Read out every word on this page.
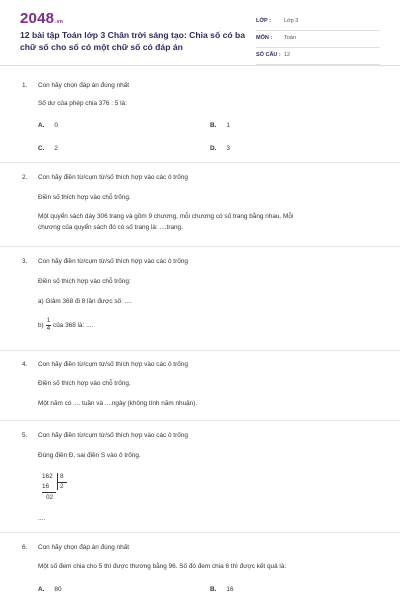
2048.vn
12 bài tập Toán lớp 3 Chân trời sáng tạo: Chia số có ba chữ số cho số có một chữ số có đáp án
LỚP : Lớp 3
MÔN : Toán
SỐ CÂU : 12
1. Con hãy chọn đáp án đúng nhất
Số dư của phép chia 376 : 5 là:
A. 0	B. 1
C. 2	D. 3
2. Con hãy điền từ/cụm từ/số thích hợp vào các ô trống
Điền số thích hợp vào chỗ trống.
Một quyển sách dày 306 trang và gồm 9 chương, mỗi chương có số trang bằng nhau. Mỗi
chương của quyển sách đó có số trang là: ....trang.
3. Con hãy điền từ/cụm từ/số thích hợp vào các ô trống
Điền số thích hợp vào chỗ trống:
a) Giảm 368 đi 8 lần được số: ....
$b) \frac{1}{4}$ của 368 là: ....
4. Con hãy điền từ/cụm từ/số thích hợp vào các ô trống
Điền số thích hợp vào chỗ trống.
Một năm có .... tuần và ....ngày (không tính năm nhuận).
5. Con hãy điền từ/cụm từ/số thích hợp vào các ô trống
Đúng điền Đ, sai điền S vào ô trống.
162
16
02
8
2
....
6. Con hãy chọn đáp án đúng nhất
Một số đem chia cho 5 thì được thương bằng 96. Số đó đem chia 6 thì được kết quả là:
A. 80	B. 16
